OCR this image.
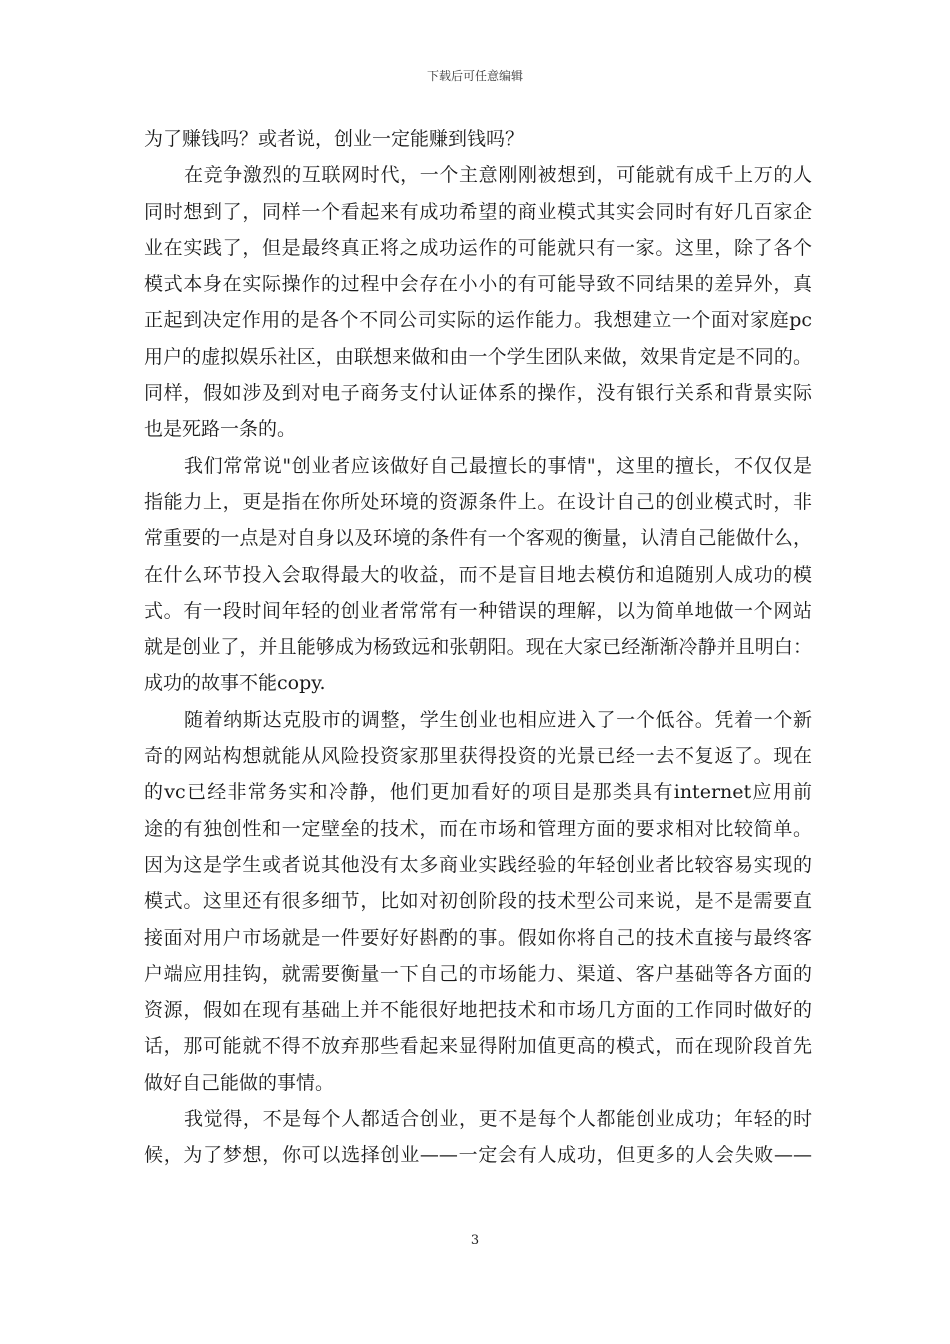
下载后可任意编辑

为了赚钱吗？或者说，创业一定能赚到钱吗？

在竞争激烈的互联网时代，一个主意刚刚被想到，可能就有成千上万的人
同时想到了，同样一个看起来有成功希望的商业模式其实会同时有好几百家企
业在实践了，但是最终真正将之成功运作的可能就只有一家。这里，除了各个
模式本身在实际操作的过程中会存在小小的有可能导致不同结果的差异外，真
正起到决定作用的是各个不同公司实际的运作能力。我想建立一个面对家庭pc
用户的虚拟娱乐社区，由联想来做和由一个学生团队来做，效果肯定是不同的。
同样，假如涉及到对电子商务支付认证体系的操作，没有银行关系和背景实际
也是死路一条的。

我们常常说"创业者应该做好自己最擅长的事情"，这里的擅长，不仅仅是
指能力上，更是指在你所处环境的资源条件上。在设计自己的创业模式时，非
常重要的一点是对自身以及环境的条件有一个客观的衡量，认清自己能做什么，
在什么环节投入会取得最大的收益，而不是盲目地去模仿和追随别人成功的模
式。有一段时间年轻的创业者常常有一种错误的理解，以为简单地做一个网站
就是创业了，并且能够成为杨致远和张朝阳。现在大家已经渐渐冷静并且明白：
成功的故事不能copy.

随着纳斯达克股市的调整，学生创业也相应进入了一个低谷。凭着一个新
奇的网站构想就能从风险投资家那里获得投资的光景已经一去不复返了。现在
的vc已经非常务实和冷静，他们更加看好的项目是那类具有internet应用前
途的有独创性和一定壁垒的技术，而在市场和管理方面的要求相对比较简单。
因为这是学生或者说其他没有太多商业实践经验的年轻创业者比较容易实现的
模式。这里还有很多细节，比如对初创阶段的技术型公司来说，是不是需要直
接面对用户市场就是一件要好好斟酌的事。假如你将自己的技术直接与最终客
户端应用挂钩，就需要衡量一下自己的市场能力、渠道、客户基础等各方面的
资源，假如在现有基础上并不能很好地把技术和市场几方面的工作同时做好的
话，那可能就不得不放弃那些看起来显得附加值更高的模式，而在现阶段首先
做好自己能做的事情。

我觉得，不是每个人都适合创业，更不是每个人都能创业成功；年轻的时
候，为了梦想，你可以选择创业——一定会有人成功，但更多的人会失败——

3
